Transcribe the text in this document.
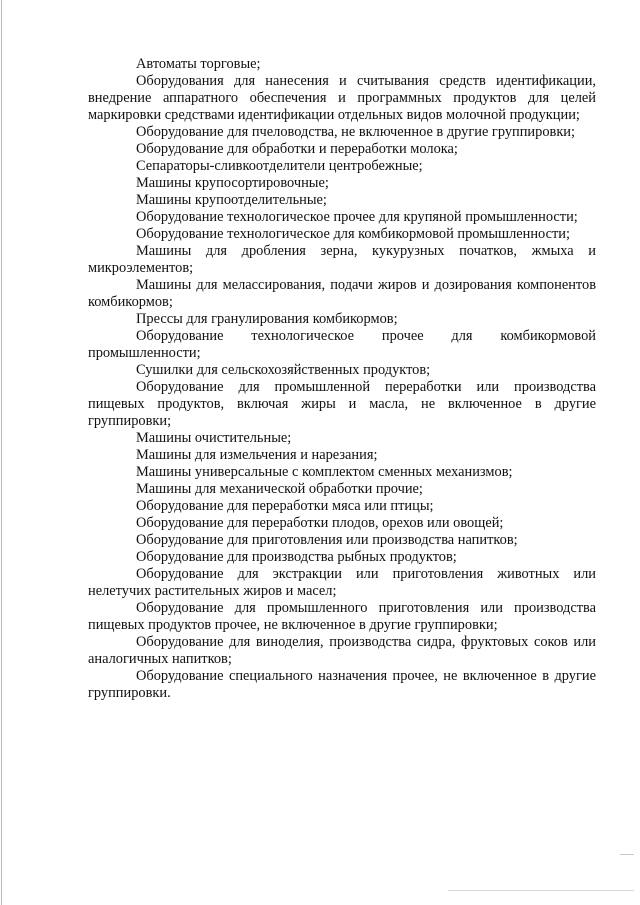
Автоматы торговые;

Оборудования для нанесения и считывания средств идентификации, внедрение аппаратного обеспечения и программных продуктов для целей маркировки средствами идентификации отдельных видов молочной продукции;

Оборудование для пчеловодства, не включенное в другие группировки;

Оборудование для обработки и переработки молока;

Сепараторы-сливкоотделители центробежные;

Машины крупосортировочные;

Машины крупоотделительные;

Оборудование технологическое прочее для крупяной промышленности;

Оборудование технологическое для комбикормовой промышленности;

Машины для дробления зерна, кукурузных початков, жмыха и микроэлементов;

Машины для мелассирования, подачи жиров и дозирования компонентов комбикормов;

Прессы для гранулирования комбикормов;

Оборудование технологическое прочее для комбикормовой промышленности;

Сушилки для сельскохозяйственных продуктов;

Оборудование для промышленной переработки или производства пищевых продуктов, включая жиры и масла, не включенное в другие группировки;

Машины очистительные;

Машины для измельчения и нарезания;

Машины универсальные с комплектом сменных механизмов;

Машины для механической обработки прочие;

Оборудование для переработки мяса или птицы;

Оборудование для переработки плодов, орехов или овощей;

Оборудование для приготовления или производства напитков;

Оборудование для производства рыбных продуктов;

Оборудование для экстракции или приготовления животных или нелетучих растительных жиров и масел;

Оборудование для промышленного приготовления или производства пищевых продуктов прочее, не включенное в другие группировки;

Оборудование для виноделия, производства сидра, фруктовых соков или аналогичных напитков;

Оборудование специального назначения прочее, не включенное в другие группировки.
